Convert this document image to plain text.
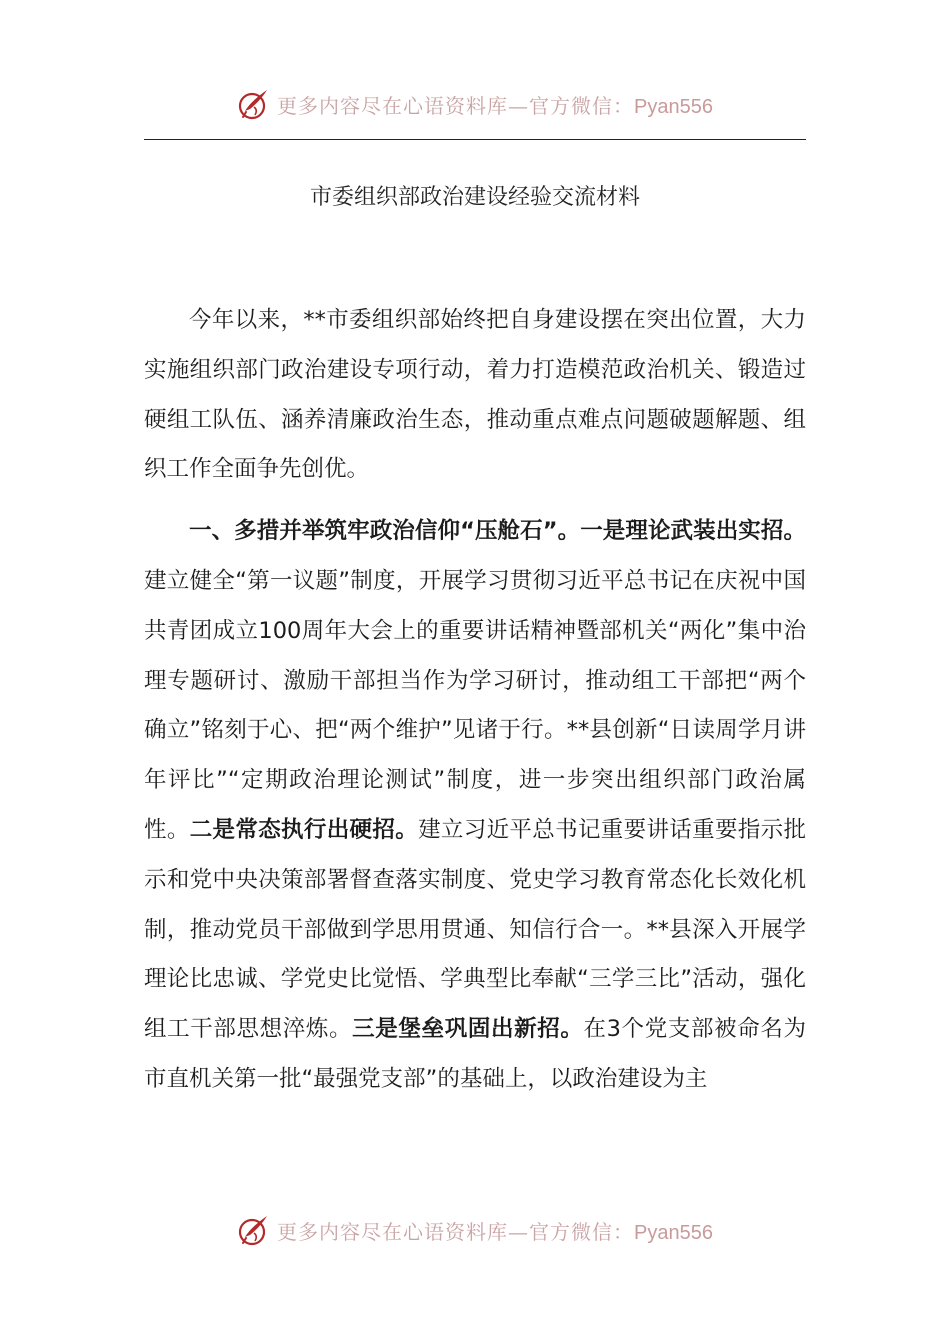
更多内容尽在心语资料库—官方微信：Pyan556
市委组织部政治建设经验交流材料

今年以来，**市委组织部始终把自身建设摆在突出位置，大力实施组织部门政治建设专项行动，着力打造模范政治机关、锻造过硬组工队伍、涵养清廉政治生态，推动重点难点问题破题解题、组织工作全面争先创优。

一、多措并举筑牢政治信仰“压舱石”。一是理论武装出实招。建立健全“第一议题”制度，开展学习贯彻习近平总书记在庆祝中国共青团成立100周年大会上的重要讲话精神暨部机关“两化”集中治理专题研讨、激励干部担当作为学习研讨，推动组工干部把“两个确立”铭刻于心、把“两个维护”见诸于行。**县创新“日读周学月讲年评比”“定期政治理论测试”制度，进一步突出组织部门政治属性。二是常态执行出硬招。建立习近平总书记重要讲话重要指示批示和党中央决策部署督查落实制度、党史学习教育常态化长效化机制，推动党员干部做到学思用贯通、知信行合一。**县深入开展学理论比忠诚、学党史比觉悟、学典型比奉献“三学三比”活动，强化组工干部思想淬炼。三是堡垒巩固出新招。在3个党支部被命名为市直机关第一批“最强党支部”的基础上，以政治建设为主

更多内容尽在心语资料库—官方微信：Pyan556
